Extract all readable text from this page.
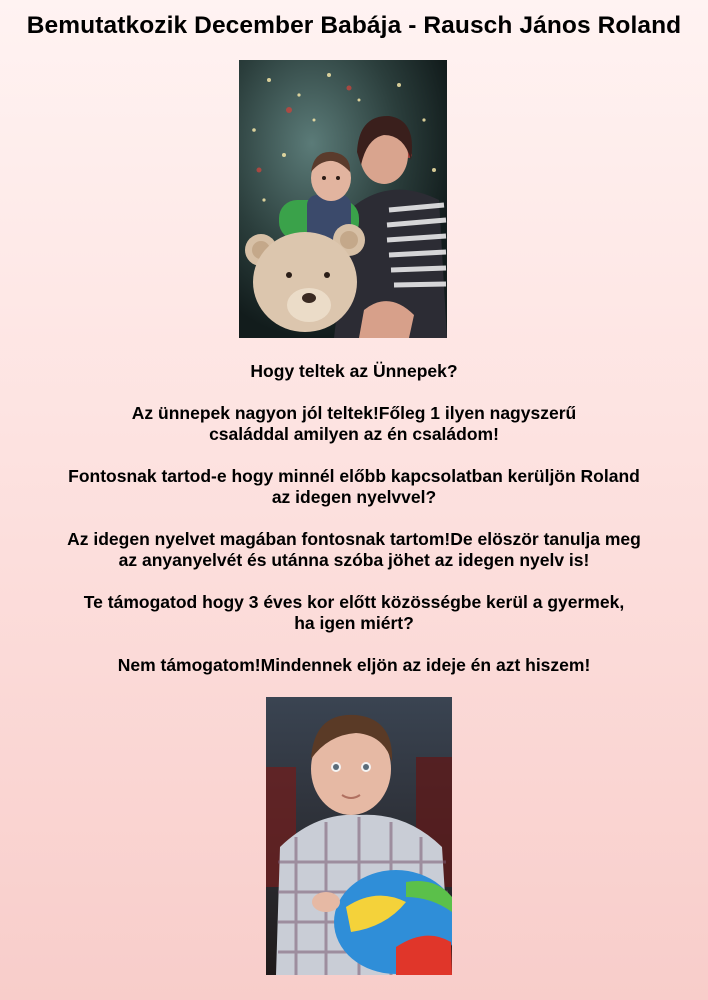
Bemutatkozik December Babája - Rausch János Roland

Hogy teltek az Ünnepek?

Az ünnepek nagyon jól teltek!Főleg 1 ilyen nagyszerű

családdal amilyen az én családom!

Fontosnak tartod-e hogy minnél előbb kapcsolatban kerüljön Roland

az idegen nyelvvel?

Az idegen nyelvet magában fontosnak tartom!De elöször tanulja meg

az anyanyelvét és utánna szóba jöhet az idegen nyelv is!

Te támogatod hogy 3 éves kor előtt közösségbe kerül a gyermek,

ha igen miért?

Nem támogatom!Mindennek eljön az ideje én azt hiszem!
